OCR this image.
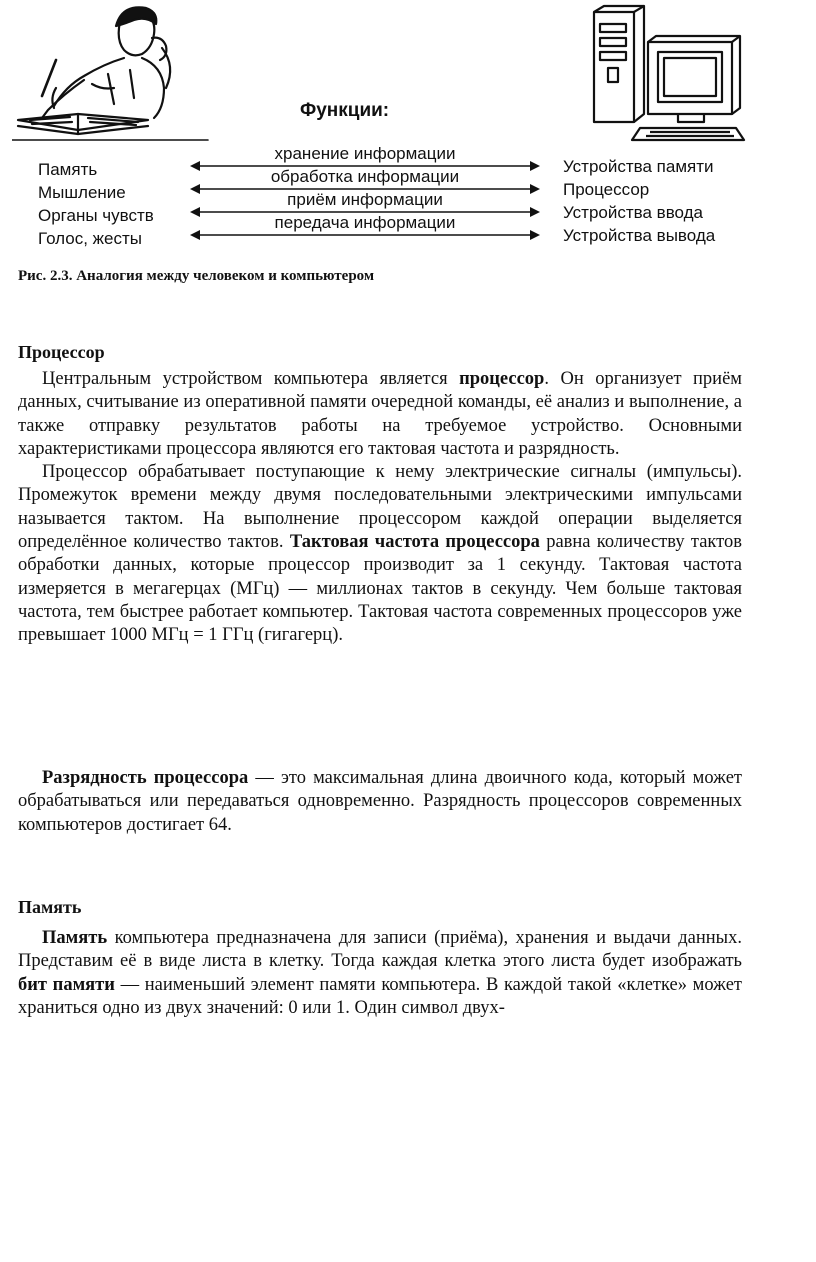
Функции:
Память
Мышление
Органы чувств
Голос, жесты
хранение информации
обработка информации
приём информации
передача информации
Устройства памяти
Процессор
Устройства ввода
Устройства вывода
Рис. 2.3. Аналогия между человеком и компьютером
Процессор

Центральным устройством компьютера является процессор. Он организует приём данных, считывание из оперативной памяти очередной команды, её анализ и выполнение, а также отправку результатов работы на требуемое устройство. Основными характеристиками процессора являются его тактовая частота и разрядность.

Процессор обрабатывает поступающие к нему электрические сигналы (импульсы). Промежуток времени между двумя последовательными электрическими импульсами называется тактом. На выполнение процессором каждой операции выделяется определённое количество тактов. Тактовая частота процессора равна количеству тактов обработки данных, которые процессор производит за 1 секунду. Тактовая частота измеряется в мегагерцах (МГц) — миллионах тактов в секунду. Чем больше тактовая частота, тем быстрее работает компьютер. Тактовая частота современных процессоров уже превышает 1000 МГц = 1 ГГц (гигагерц).

Разрядность процессора — это максимальная длина двоичного кода, который может обрабатываться или передаваться одновременно. Разрядность процессоров современных компьютеров достигает 64.

Память

Память компьютера предназначена для записи (приёма), хранения и выдачи данных. Представим её в виде листа в клетку. Тогда каждая клетка этого листа будет изображать бит памяти — наименьший элемент памяти компьютера. В каждой такой «клетке» может храниться одно из двух значений: 0 или 1. Один символ двух-
